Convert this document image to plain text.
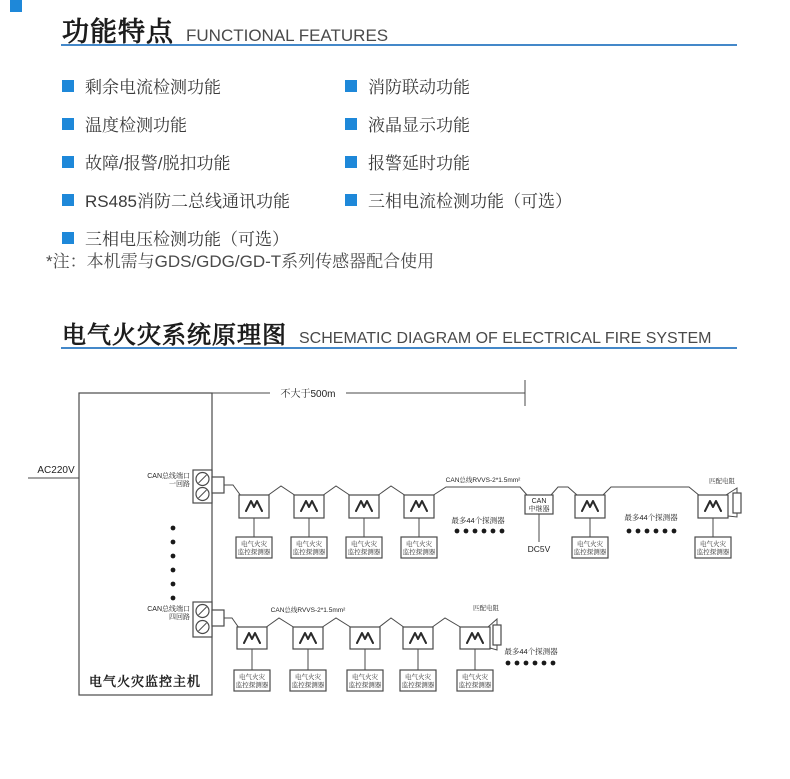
功能特点 FUNCTIONAL FEATURES
剩余电流检测功能
温度检测功能
故障/报警/脱扣功能
RS485消防二总线通讯功能
三相电压检测功能（可选）
消防联动功能
液晶显示功能
报警延时功能
三相电流检测功能（可选）
*注：本机需与GDS/GDG/GD-T系列传感器配合使用
电气火灾系统原理图 SCHEMATIC DIAGRAM OF ELECTRICAL FIRE SYSTEM
电气火灾监控主机
不大于500m
AC220V
CAN总线端口
一回路
CAN总线端口
四回路
CAN总线RVVS-2*1.5mm²
电气火灾
监控探测器
电气火灾
监控探测器
电气火灾
监控探测器
电气火灾
监控探测器
最多44个探测器
CAN
中继器
DC5V	电气火灾
监控探测器
最多44个探测器
匹配电阻
电气火灾
监控探测器
CAN总线RVVS-2*1.5mm²
电气火灾
监控探测器
电气火灾
监控探测器
电气火灾
监控探测器
电气火灾
监控探测器
匹配电阻
电气火灾
监控探测器
最多44个探测器
